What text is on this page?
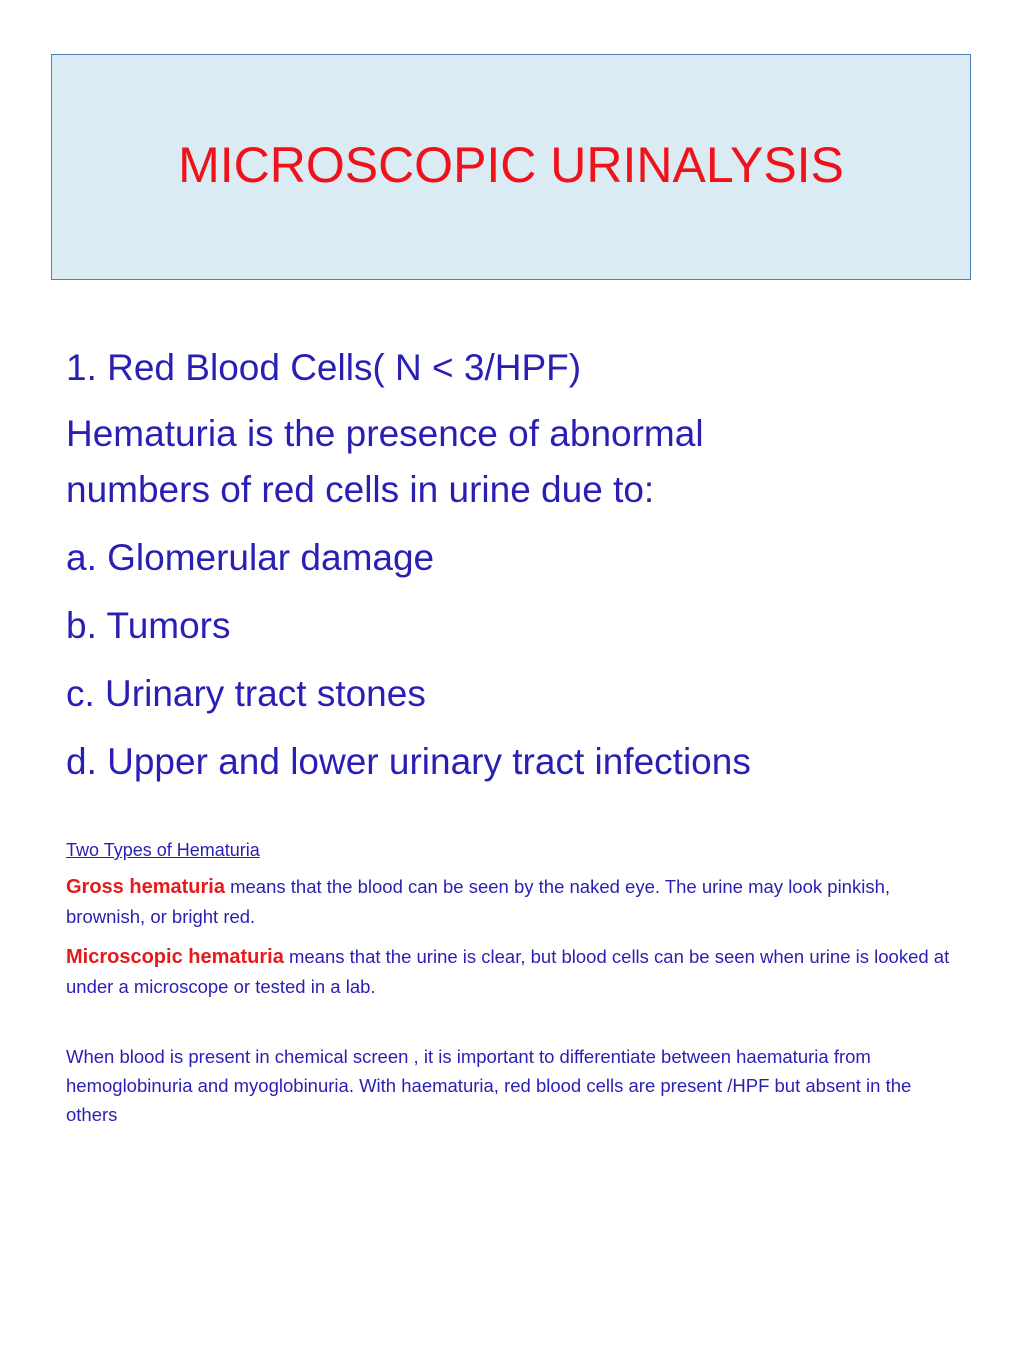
MICROSCOPIC URINALYSIS
1. Red Blood Cells( N < 3/HPF)
Hematuria is the presence of abnormal
numbers of red cells in urine due to:
a. Glomerular damage
b. Tumors
c. Urinary tract stones
d. Upper and lower urinary tract infections
Two Types of Hematuria
Gross hematuria means that the blood can be seen by the naked eye. The urine may look pinkish, brownish, or bright red.
Microscopic hematuria means that the urine is clear, but blood cells can be seen when urine is looked at under a microscope or tested in a lab.
When blood is present in chemical screen , it is important to differentiate between haematuria from hemoglobinuria and myoglobinuria. With haematuria, red blood cells are present /HPF but absent in the others
